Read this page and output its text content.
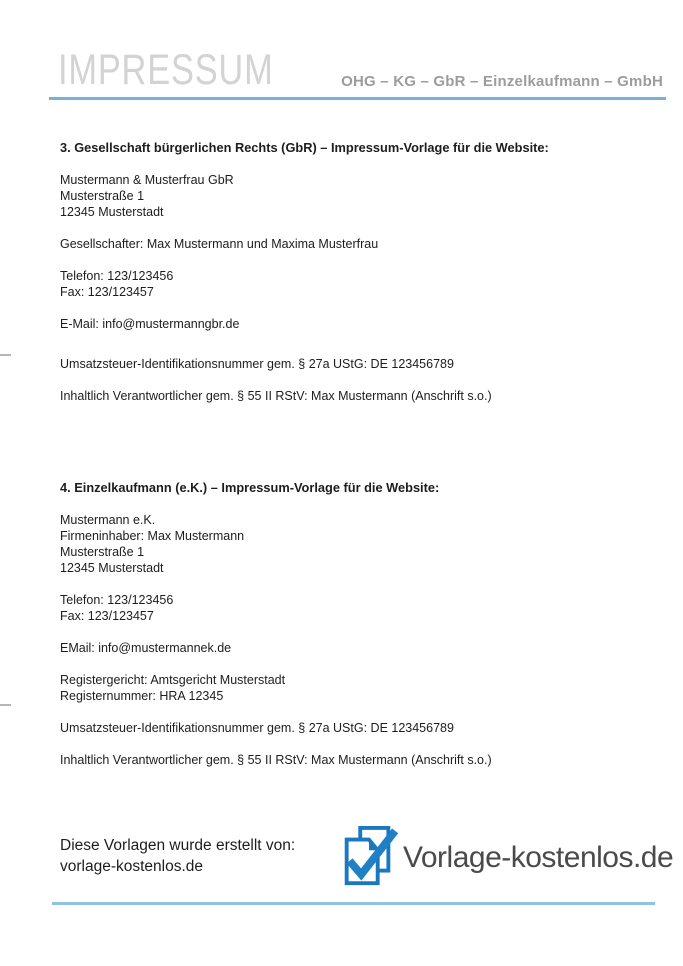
IMPRESSUM	OHG – KG – GbR – Einzelkaufmann – GmbH
3. Gesellschaft bürgerlichen Rechts (GbR) – Impressum-Vorlage für die Website:

Mustermann & Musterfrau GbR
Musterstraße 1
12345 Musterstadt

Gesellschafter: Max Mustermann und Maxima Musterfrau

Telefon: 123/123456
Fax: 123/123457

E-Mail: info@mustermanngbr.de

Umsatzsteuer-Identifikationsnummer gem. § 27a UStG: DE 123456789

Inhaltlich Verantwortlicher gem. § 55 II RStV: Max Mustermann (Anschrift s.o.)

4. Einzelkaufmann (e.K.) – Impressum-Vorlage für die Website:

Mustermann e.K.
Firmeninhaber: Max Mustermann
Musterstraße 1
12345 Musterstadt

Telefon: 123/123456
Fax: 123/123457

EMail: info@mustermannek.de

Registergericht: Amtsgericht Musterstadt
Registernummer: HRA 12345

Umsatzsteuer-Identifikationsnummer gem. § 27a UStG: DE 123456789

Inhaltlich Verantwortlicher gem. § 55 II RStV: Max Mustermann (Anschrift s.o.)

Diese Vorlagen wurde erstellt von:
vorlage-kostenlos.de	Vorlage-kostenlos.de
